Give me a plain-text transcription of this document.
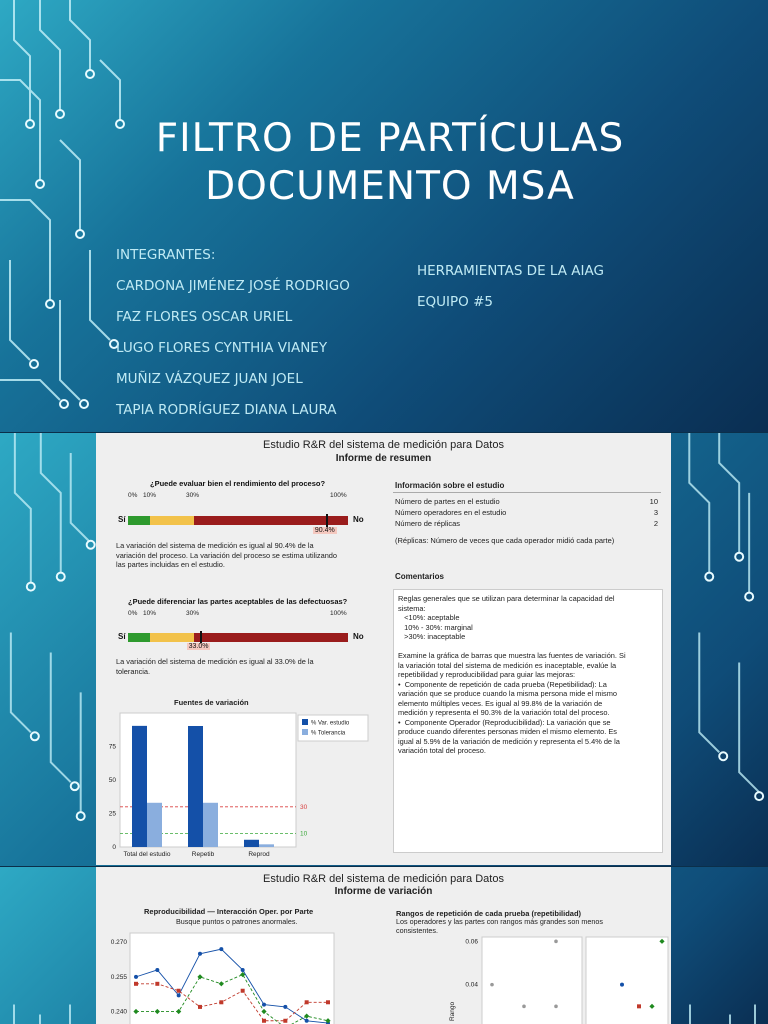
FILTRO DE PARTÍCULAS
DOCUMENTO MSA
INTEGRANTES:
CARDONA JIMÉNEZ JOSÉ RODRIGO
FAZ FLORES OSCAR URIEL
LUGO FLORES CYNTHIA VIANEY
MUÑIZ VÁZQUEZ JUAN JOEL
TAPIA RODRÍGUEZ DIANA LAURA
HERRAMIENTAS DE LA AIAG
EQUIPO #5
Estudio R&R del sistema de medición para Datos
Informe de resumen
¿Puede evaluar bien el rendimiento del proceso?
0% 10%	30%	100%
Sí	No
90.4%
La variación del sistema de medición es igual al 90.4% de la
variación del proceso. La variación del proceso se estima utilizando
las partes incluidas en el estudio.
¿Puede diferenciar las partes aceptables de las defectuosas?
0% 10%	30%	100%
Sí	No
33.0%
La variación del sistema de medición es igual al 33.0% de la
tolerancia.
Fuentes de variación
0
25
50
75
30
10
Total del estudio	Repetib	Reprod
% Var. estudio
% Tolerancia
Información sobre el estudio
Número de partes en el estudio	10
Número operadores en el estudio	3
Número de réplicas	2
(Réplicas: Número de veces que cada operador midió cada parte)
Comentarios
Reglas generales que se utilizan para determinar la capacidad del
sistema:
<10%: aceptable
10% - 30%: marginal
>30%: inaceptable
Examine la gráfica de barras que muestra las fuentes de variación. Si
la variación total del sistema de medición es inaceptable, evalúe la
repetibilidad y reproducibilidad para guiar las mejoras:
•  Componente de repetición de cada prueba (Repetibilidad): La
variación que se produce cuando la misma persona mide el mismo
elemento múltiples veces. Es igual al 99.8% de la variación de
medición y representa el 90.3% de la variación total del proceso.
•  Componente Operador (Reproducibilidad): La variación que se
produce cuando diferentes personas miden el mismo elemento. Es
igual al 5.9% de la variación de medición y representa el 5.4% de la
variación total del proceso.
Estudio R&R del sistema de medición para Datos
Informe de variación
Reproducibilidad — Interacción Oper. por Parte
Busque puntos o patrones anormales.
Rangos de repetición de cada prueba (repetibilidad)
Los operadores y las partes con rangos más grandes son menos
consistentes.
0.240
0.255
0.270
0.04
0.06
Rango
